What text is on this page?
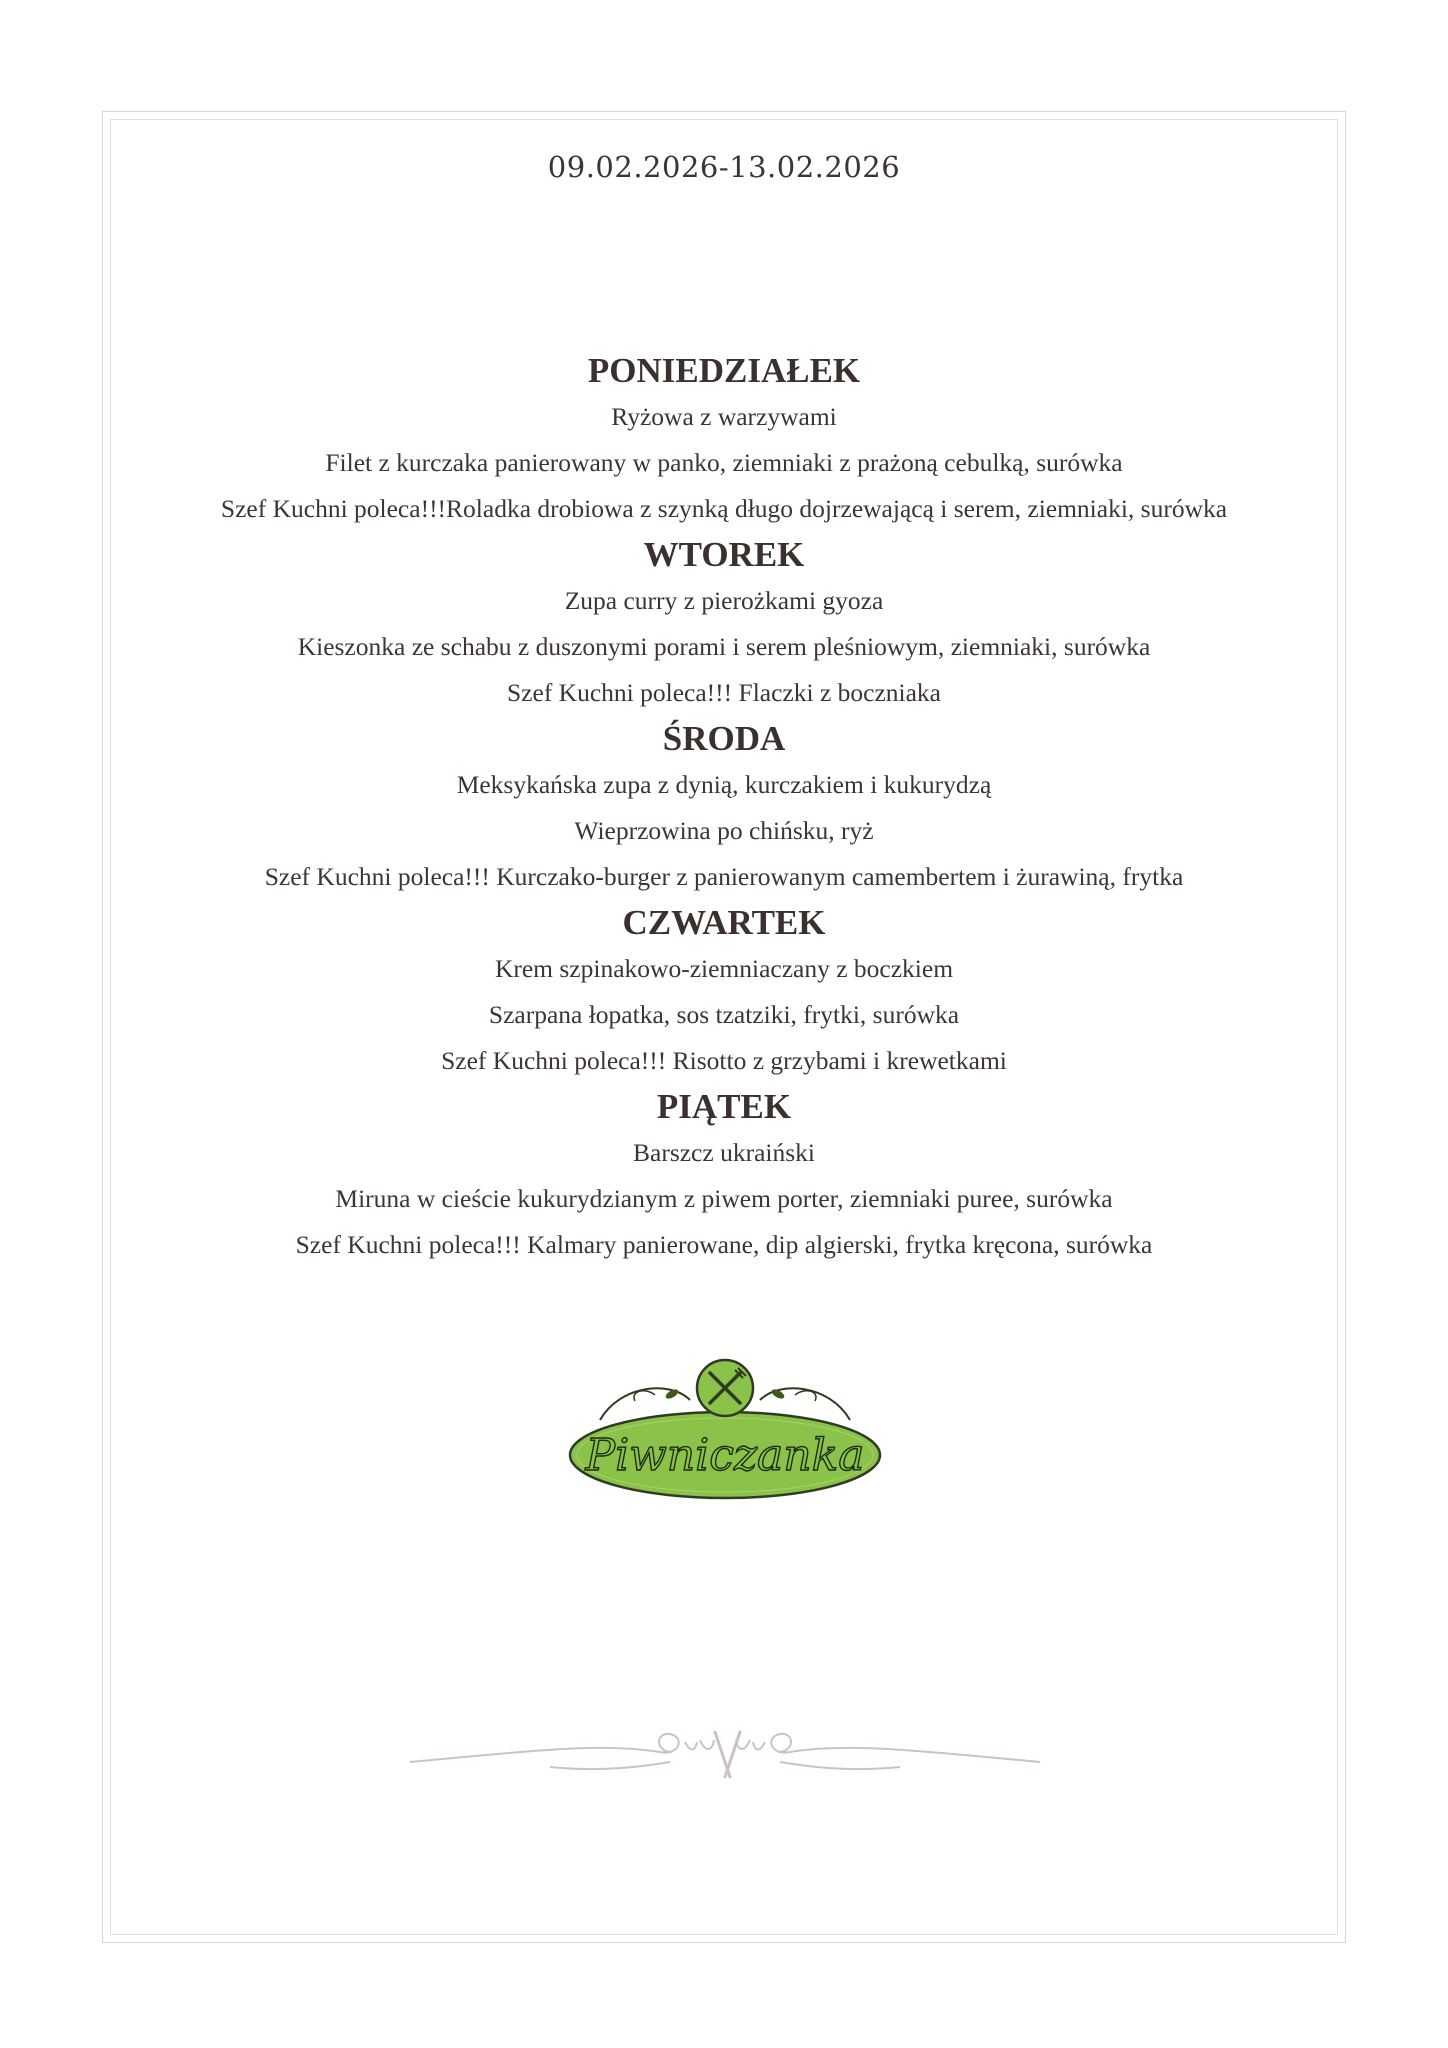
09.02.2026-13.02.2026
PONIEDZIAŁEK
Ryżowa z warzywami
Filet z kurczaka panierowany w panko, ziemniaki z prażoną cebulką, surówka
Szef Kuchni poleca!!!Roladka drobiowa z szynką długo dojrzewającą i serem, ziemniaki, surówka
WTOREK
Zupa curry z pierożkami gyoza
Kieszonka ze schabu z duszonymi porami i serem pleśniowym, ziemniaki, surówka
Szef Kuchni poleca!!! Flaczki z boczniaka
ŚRODA
Meksykańska zupa z dynią, kurczakiem i kukurydzą
Wieprzowina po chińsku, ryż
Szef Kuchni poleca!!! Kurczako-burger z panierowanym camembertem i żurawiną, frytka
CZWARTEK
Krem szpinakowo-ziemniaczany z boczkiem
Szarpana łopatka, sos tzatziki, frytki, surówka
Szef Kuchni poleca!!! Risotto z grzybami i krewetkami
PIĄTEK
Barszcz ukraiński
Miruna w cieście kukurydzianym z piwem porter, ziemniaki puree, surówka
Szef Kuchni poleca!!! Kalmary panierowane, dip algierski, frytka kręcona, surówka
Piwniczanka
